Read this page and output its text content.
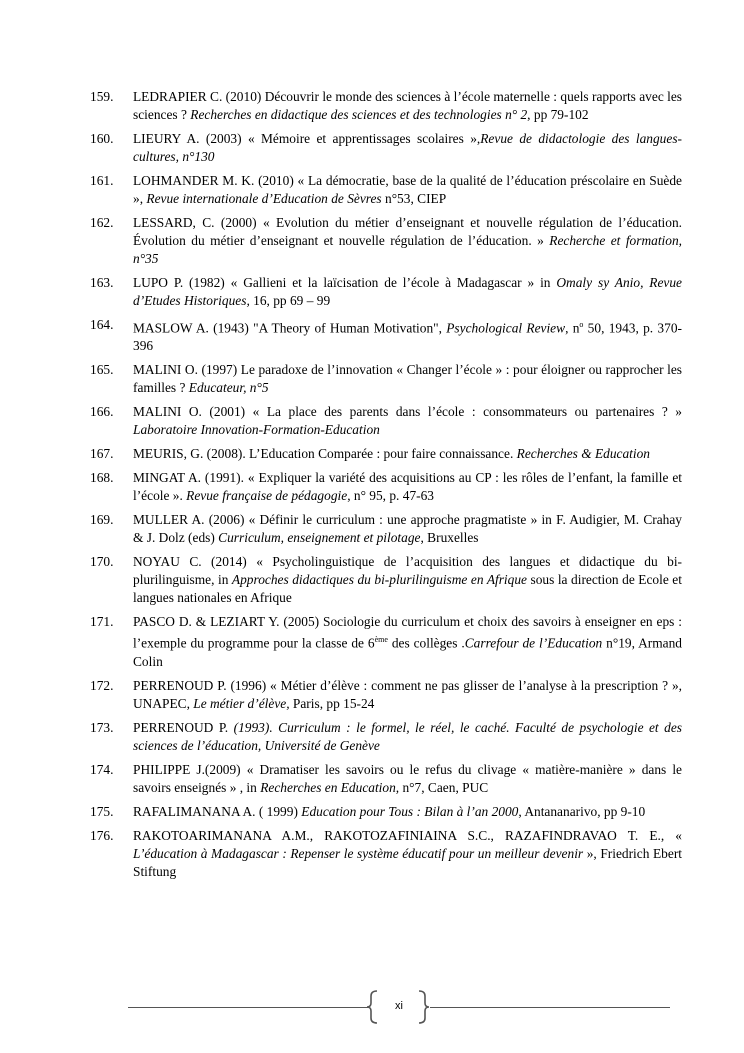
159.	LEDRAPIER C. (2010) Découvrir le monde des sciences à l’école maternelle : quels rapports avec les sciences ? Recherches en didactique des sciences et des technologies n° 2, pp 79-102
160.	LIEURY A. (2003) « Mémoire et apprentissages scolaires »,Revue de didactologie des langues-cultures, n°130
161.	LOHMANDER M. K. (2010) « La démocratie, base de la qualité de l’éducation préscolaire en Suède », Revue internationale d’Education de Sèvres n°53, CIEP
162.	LESSARD, C. (2000) « Evolution du métier d’enseignant et nouvelle régulation de l’éducation. Évolution du métier d’enseignant et nouvelle régulation de l’éducation. » Recherche et formation, n°35
163.	LUPO P. (1982) « Gallieni et la laïcisation de l’école à Madagascar » in Omaly sy Anio, Revue d’Etudes Historiques, 16, pp 69 – 99
164.	MASLOW A. (1943) "A Theory of Human Motivation", Psychological Review, $n^o$ 50, 1943, p. 370-396
165.	MALINI O. (1997) Le paradoxe de l’innovation « Changer l’école » : pour éloigner ou rapprocher les familles ? Educateur, n°5
166.	MALINI O. (2001) « La place des parents dans l’école : consommateurs ou partenaires ? » Laboratoire Innovation-Formation-Education
167.	MEURIS, G. (2008). L’Education Comparée : pour faire connaissance. Recherches & Education
168.	MINGAT A. (1991). « Expliquer la variété des acquisitions au CP : les rôles de l’enfant, la famille et l’école ». Revue française de pédagogie, n° 95, p. 47-63
169.	MULLER A. (2006) « Définir le curriculum : une approche pragmatiste » in F. Audigier, M. Crahay & J. Dolz (eds) Curriculum, enseignement et pilotage, Bruxelles
170.	NOYAU C. (2014) « Psycholinguistique de l’acquisition des langues et didactique du bi-plurilinguisme, in Approches didactiques du bi-plurilinguisme en Afrique sous la direction de Ecole et langues nationales en Afrique
171.	PASCO D. & LEZIART Y. (2005) Sociologie du curriculum et choix des savoirs à enseigner en eps : l’exemple du programme pour la classe de 6ème des collèges .Carrefour de l’Education n°19, Armand Colin
172.	PERRENOUD P. (1996) « Métier d’élève : comment ne pas glisser de l’analyse à la prescription ? », UNAPEC, Le métier d’élève, Paris, pp 15-24
173.	PERRENOUD P. (1993). Curriculum : le formel, le réel, le caché. Faculté de psychologie et des sciences de l’éducation, Université de Genève
174.	PHILIPPE J.(2009) « Dramatiser les savoirs ou le refus du clivage « matière-manière » dans le savoirs enseignés » , in Recherches en Education, n°7, Caen, PUC
175.	RAFALIMANANA A. ( 1999) Education pour Tous : Bilan à l’an 2000, Antananarivo, pp 9-10
176.	RAKOTOARIMANANA A.M., RAKOTOZAFINIAINA S.C., RAZAFINDRAVAO T. E., « L’éducation à Madagascar : Repenser le système éducatif pour un meilleur devenir », Friedrich Ebert Stiftung
xi
